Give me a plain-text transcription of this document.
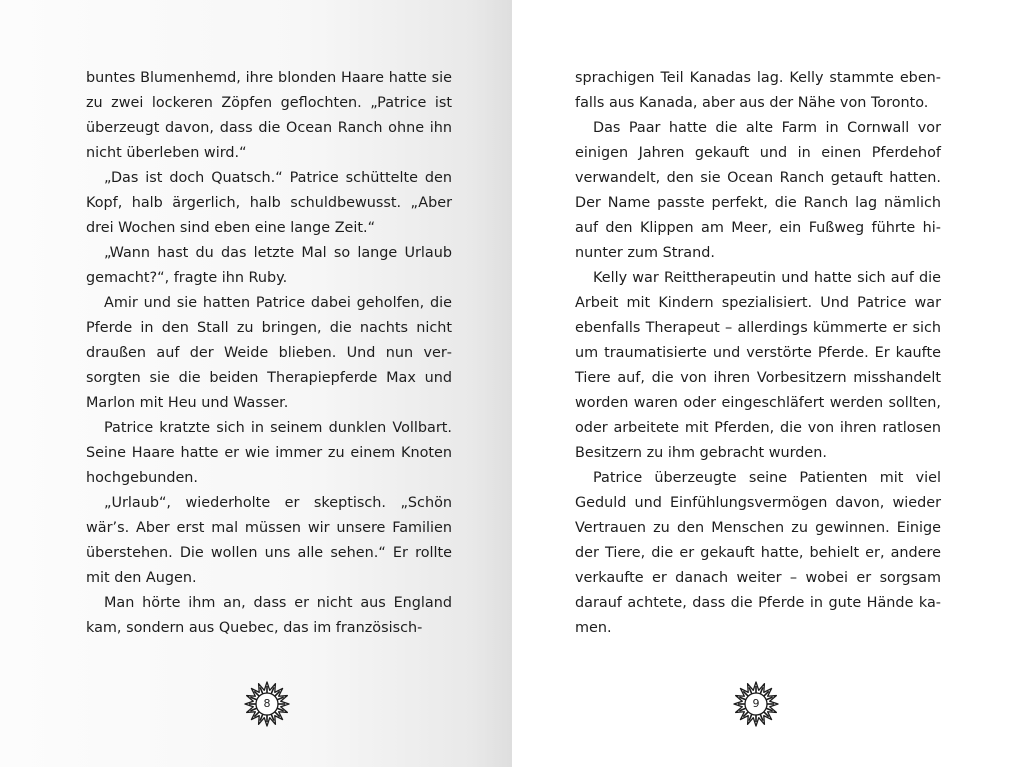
buntes Blumenhemd, ihre blonden Haare hatte sie zu zwei lockeren Zöpfen geflochten. „Patrice ist überzeugt davon, dass die Ocean Ranch ohne ihn nicht überleben wird.“

„Das ist doch Quatsch.“ Patrice schüttelte den Kopf, halb ärgerlich, halb schuldbewusst. „Aber drei Wochen sind eben eine lange Zeit.“

„Wann hast du das letzte Mal so lange Urlaub gemacht?“, fragte ihn Ruby.

Amir und sie hatten Patrice dabei geholfen, die Pferde in den Stall zu bringen, die nachts nicht draußen auf der Weide blieben. Und nun versorgten sie die beiden Therapiepferde Max und Marlon mit Heu und Wasser.

Patrice kratzte sich in seinem dunklen Vollbart. Seine Haare hatte er wie immer zu einem Knoten hochgebunden.

„Urlaub“, wiederholte er skeptisch. „Schön wär’s. Aber erst mal müssen wir unsere Familien überstehen. Die wollen uns alle sehen.“ Er rollte mit den Augen.

Man hörte ihm an, dass er nicht aus England kam, sondern aus Quebec, das im französisch-

8

sprachigen Teil Kanadas lag. Kelly stammte ebenfalls aus Kanada, aber aus der Nähe von Toronto.

Das Paar hatte die alte Farm in Cornwall vor einigen Jahren gekauft und in einen Pferdehof verwandelt, den sie Ocean Ranch getauft hatten. Der Name passte perfekt, die Ranch lag nämlich auf den Klippen am Meer, ein Fußweg führte hinunter zum Strand.

Kelly war Reittherapeutin und hatte sich auf die Arbeit mit Kindern spezialisiert. Und Patrice war ebenfalls Therapeut – allerdings kümmerte er sich um traumatisierte und verstörte Pferde. Er kaufte Tiere auf, die von ihren Vorbesitzern misshandelt worden waren oder eingeschläfert werden sollten, oder arbeitete mit Pferden, die von ihren ratlosen Besitzern zu ihm gebracht wurden.

Patrice überzeugte seine Patienten mit viel Geduld und Einfühlungsvermögen davon, wieder Vertrauen zu den Menschen zu gewinnen. Einige der Tiere, die er gekauft hatte, behielt er, andere verkaufte er danach weiter – wobei er sorgsam darauf achtete, dass die Pferde in gute Hände kamen.

9
